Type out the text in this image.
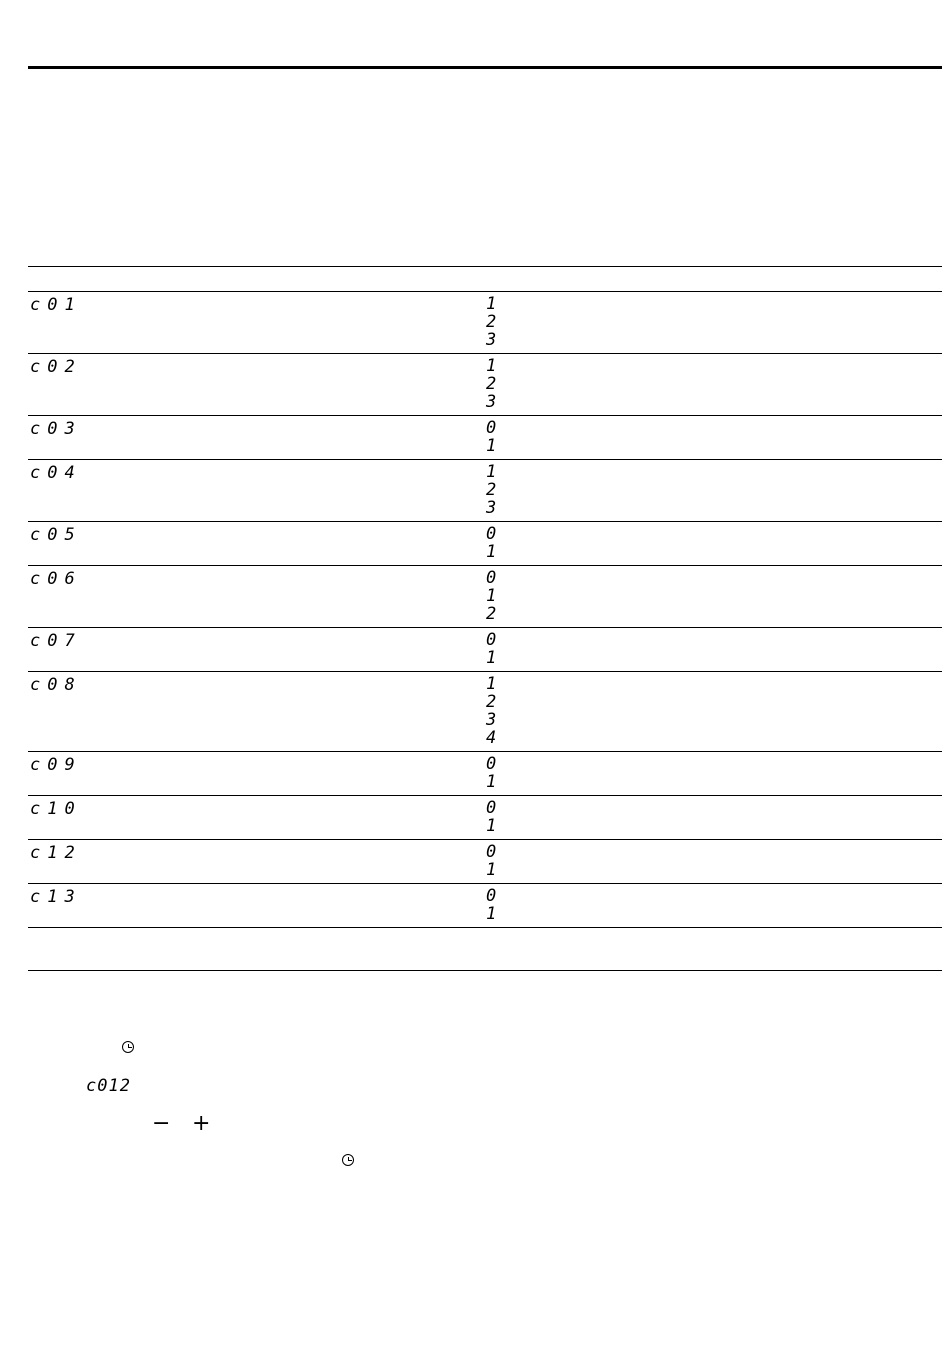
c01	1
2
3
c02	1
2
3
c03	0
1
c04	1
2
3
c05	0
1
c06	0
1
2
c07	0
1
c08	1
2
3
4
c09	0
1
c10	0
1
c12	0
1
c13	0
1
c012
− +
